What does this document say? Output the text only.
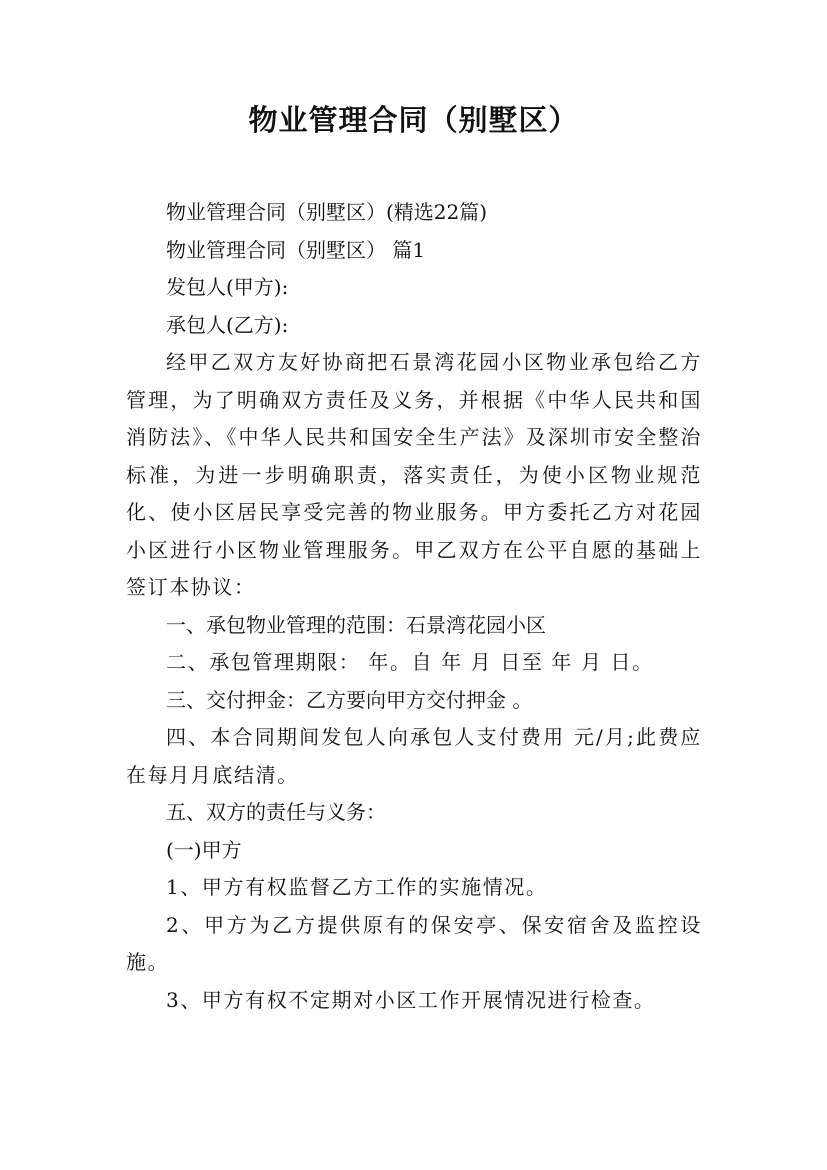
物业管理合同（别墅区）

物业管理合同（别墅区）(精选22篇)

物业管理合同（别墅区） 篇1

发包人(甲方):

承包人(乙方):

经甲乙双方友好协商把石景湾花园小区物业承包给乙方管理，为了明确双方责任及义务，并根据《中华人民共和国消防法》、《中华人民共和国安全生产法》及深圳市安全整治标准，为进一步明确职责，落实责任，为使小区物业规范化、使小区居民享受完善的物业服务。甲方委托乙方对花园小区进行小区物业管理服务。甲乙双方在公平自愿的基础上签订本协议：

一、承包物业管理的范围：石景湾花园小区

二、承包管理期限： 年。自 年 月 日至 年 月 日。

三、交付押金：乙方要向甲方交付押金 。

四、本合同期间发包人向承包人支付费用 元/月;此费应在每月月底结清。

五、双方的责任与义务：

(一)甲方

1、甲方有权监督乙方工作的实施情况。

2、甲方为乙方提供原有的保安亭、保安宿舍及监控设施。

3、甲方有权不定期对小区工作开展情况进行检查。
